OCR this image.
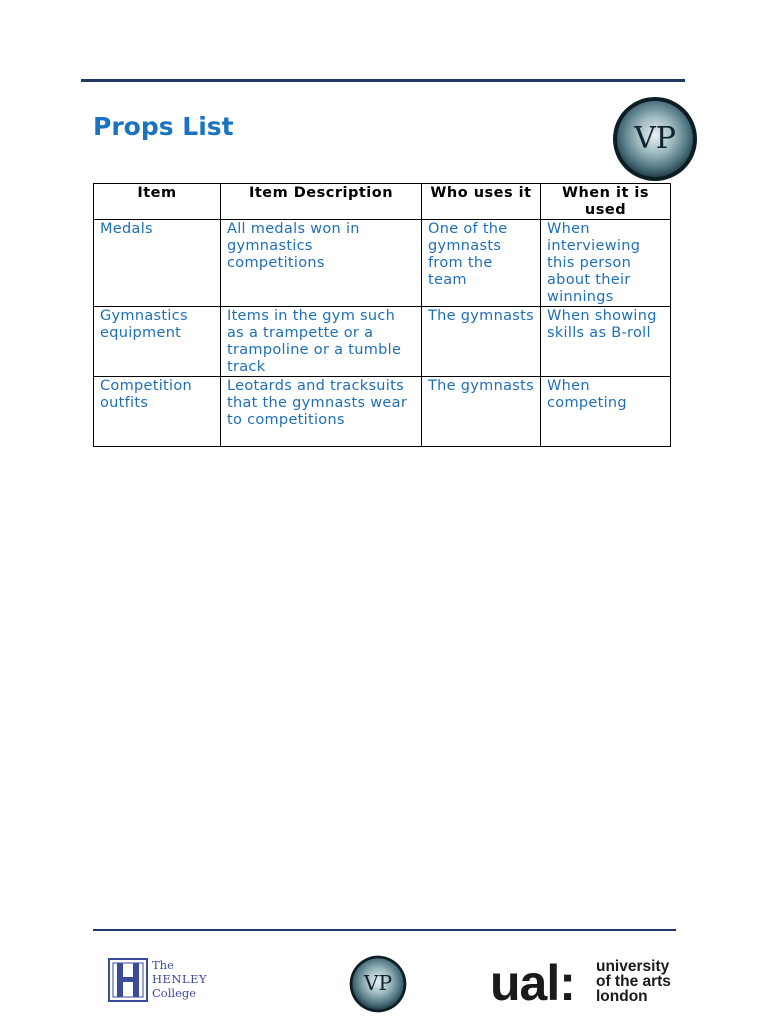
Props List	VP
Item	Item Description	Who uses it	When it is used
Medals	All medals won in gymnastics competitions	One of the gymnasts from the team	When interviewing this person about their winnings
Gymnastics equipment	Items in the gym such as a trampette or a trampoline or a tumble track	The gymnasts	When showing skills as B-roll
Competition outfits	Leotards and tracksuits that the gymnasts wear to competitions	The gymnasts	When competing
The
HENLEY
College	VP ual: university
of the arts
london
